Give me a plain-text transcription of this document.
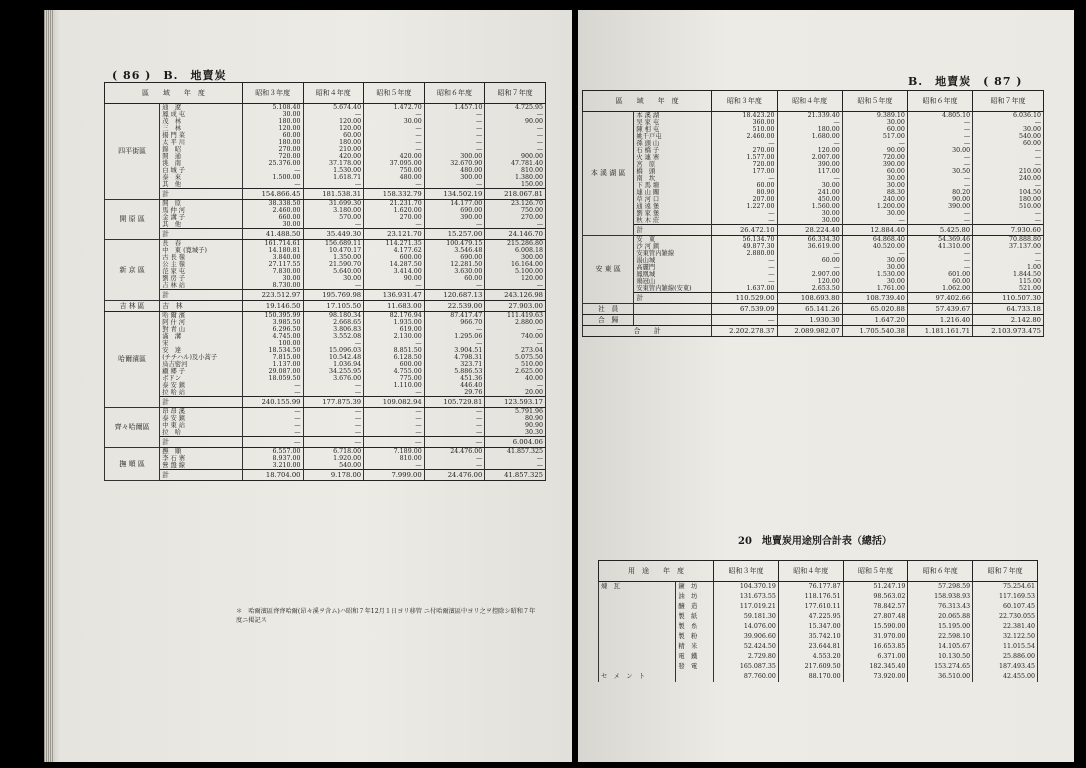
( 86 )　B.　地賣炭
區　　域　　年　度		昭和３年度	昭和４年度	昭和５年度	昭和６年度	昭和７年度
四平街區	通　遼	5.108.40	5.674.40	1.472.70	1.457.10	4.725.95
	鳳 成 屯	30.00	—	—	—	—
	茂　林	180.00	120.00	30.00	—	90.00
	三　林	120.00	120.00	—	—	—
	揚 門 菜	60.00	60.00	—	—	—
	太 平 川	180.00	180.00	—	—	—
	錦　昭	270.00	210.00	—	—	—
	開　通	720.00	420.00	420.00	300.00	900.00
	洮　南	25.376.00	37.178.00	37.095.00	32.670.90	47.781.40
	白 城 子	—	1.530.00	750.00	480.00	810.00
	泰　來	1.500.00	1.618.71	480.00	300.00	1.380.00
	其　他	—	—	—	—	150.00
	計	154.866.45	181.538.31	158.332.79	134.502.19	218.067.81
開 原 區	開　原	38.338.50	31.699.30	21.231.70	14.177.00	23.126.70
	馬 仲 河	2.460.00	3.180.00	1.620.00	690.00	750.00
	金 溝 子	660.00	570.00	270.00	390.00	270.00
	其　他	30.00	—	—	—	—
	計	41.488.50	35.449.30	23.121.70	15.257.00	24.146.70
新 京 區	長　春	161.714.61	156.689.11	114.271.35	100.479.15	215.286.80
	中　東 (寛城子)	14.180.81	10.470.17	4.177.62	3.546.48	6.008.18
	古 長 嶺	3.840.00	1.350.00	600.00	690.00	300.00
	公 主 嶺	27.117.55	21.590.70	14.287.50	12.281.50	16.164.00
	范 家 屯	7.830.00	5.640.00	3.414.00	3.630.00	5.100.00
	劉 房 子	30.00	30.00	90.00	60.00	120.00
	吉 林 站	8.730.00	—	—	—	—
	計	223.512.97	195.769.98	136.931.47	120.687.13	243.126.98
吉 林 區	吉　林	19.146.50	17.105.50	11.683.00	22.539.00	27.903.00
哈爾濱區	哈 爾 濱	150.395.99	98.180.34	82.176.94	87.417.47	111.419.63
	阿 什 河	3.985.50	2.668.65	1.935.00	966.70	2.880.00
	對 青 山	6.296.50	3.806.83	619.00	—	—
	滿　溝	4.745.00	3.552.08	2.130.00	1.295.06	740.00
	宋	100.00	—	—	—	—
	安　達	18.534.50	15.096.03	8.851.50	3.904.51	273.04
	(チチハル)及小蒿子	7.815.00	10.542.48	6.128.50	4.798.31	5.075.50
	烏吉密河	1.137.00	1.036.94	600.00	323.71	510.00
	顧 郷 子	29.087.00	34.255.95	4.755.00	5.886.53	2.625.00
	ボドン	18.059.50	3.676.00	775.00	451.36	40.00
	泰 安 鎮	—	—	1.110.00	446.40	—
	拉 哈 站	—	—	—	29.76	20.00
	計	240.155.99	177.875.39	109.082.94	105.729.81	123.593.17
齊々哈爾區	昂 昂 溪	—	—	—	—	5.791.96
	泰 安 鎮	—	—	—	—	80.90
	中 東 站	—	—	—	—	90.90
	拉　哈	—	—	—	—	30.30
	計	—	—	—	—	6.004.06
撫 順 區	撫　順	6.557.00	6.718.00	7.189.00	24.476.00	41.857.325
	李 石 寨	8.937.00	1.920.00	810.00	—	—
	營 盤 線	3.210.00	540.00	—	—	—
	計	18.704.00	9.178.00	7.999.00	24.476.00	41.857.325
＊　哈爾濱區齊齊哈爾(昂々溪ヲ含ム)ハ昭和７年12月１日ヨリ移管 ニ付哈爾濱區中ヨリ之ヲ控除シ昭和７年度ニ掲記ス
B.　地賣炭　( 87 )
區　　域　　年　度		昭和３年度	昭和４年度	昭和５年度	昭和６年度	昭和７年度
本 溪 湖 區	本 溪 湖	18.423.20	21.339.40	9.389.10	4.805.10	6.036.10
	吴 家 屯	360.00	—	30.00	—	—
	陳 相 屯	510.00	180.00	60.00	—	30.00
	姚千戸屯	2.460.00	1.680.00	517.00	—	540.00
	孫 頭 山	—	—	—	—	60.00
	石 橋 子	270.00	120.00	90.00	30.00	—
	火 連 寨	1.577.00	2.007.00	720.00	—	—
	宮　原	720.00	390.00	390.00	—	—
	橋　頭	177.00	117.00	60.00	30.50	210.00
	南　坎	—	—	30.00	—	240.00
	下 馬 塘	60.00	30.00	30.00	—	—
	連 山 關	80.90	241.00	88.30	80.20	104.50
	草 河 口	207.00	450.00	240.00	90.00	180.00
	通 遠 堡	1.227.00	1.560.00	1.200.00	390.00	510.00
	劉 家 堡	—	30.00	30.00	—	—
	秋 木 莊	—	30.00	—	—	—
	計	26.472.10	28.224.40	12.884.40	5.425.80	7.930.60
安 東 區	安　東	56.134.70	66.334.30	64.868.40	54.369.46	70.888.80
	沙 河 鎮	49.877.30	36.619.00	40.520.00	41.310.00	37.137.00
	安東管内雑線	2.880.00	—	—	—	—
	湯山城	—	60.00	30.00	—	—
	高麗門	—	—	30.00	—	1.00
	鳳凰城	—	2.907.00	1.530.00	601.00	1.844.50
	鶏冠山	—	120.00	30.00	60.00	115.00
	安東管内雑線(安東)	1.637.00	2.653.50	1.761.00	1.062.00	521.00
	計	110.529.00	108.693.80	108.739.40	97.402.66	110.507.30
社　員		67.539.09	65.141.26	65.020.88	57.439.67	64.733.18
合　歸		—	1.930.30	1.647.20	1.216.40	2.142.80
合　　計		2.202.278.37	2.089.982.07	1.705.540.38	1.181.161.71	2.103.973.475
20　地賣炭用途別合計表（總括）
用　途　　年　度		昭和３年度	昭和４年度	昭和５年度	昭和６年度	昭和７年度
煉　瓦	鑛　坊	104.370.19	76.177.87	51.247.19	57.298.59	75.254.61
	油　坊	131.673.55	118.176.51	98.563.02	158.938.93	117.169.53
	醸　造	117.019.21	177.610.11	78.842.57	76.313.43	60.107.45
	製　紙	59.181.30	47.225.95	27.807.48	20.065.88	22.730.055
	製　糸	14.076.00	15.347.00	15.590.00	15.195.00	22.381.40
	製　粉	39.906.60	35.742.10	31.970.00	22.598.10	32.122.50
	精　米	52.424.50	23.644.81	16.653.85	14.105.67	11.015.54
	電　鐵	2.729.80	4.553.20	6.371.00	10.130.50	25.886.00
	發　電	165.087.35	217.609.50	182.345.40	153.274.65	187.493.45
セ　メ　ン　ト		87.760.00	88.170.00	73.920.00	36.510.00	42.455.00
